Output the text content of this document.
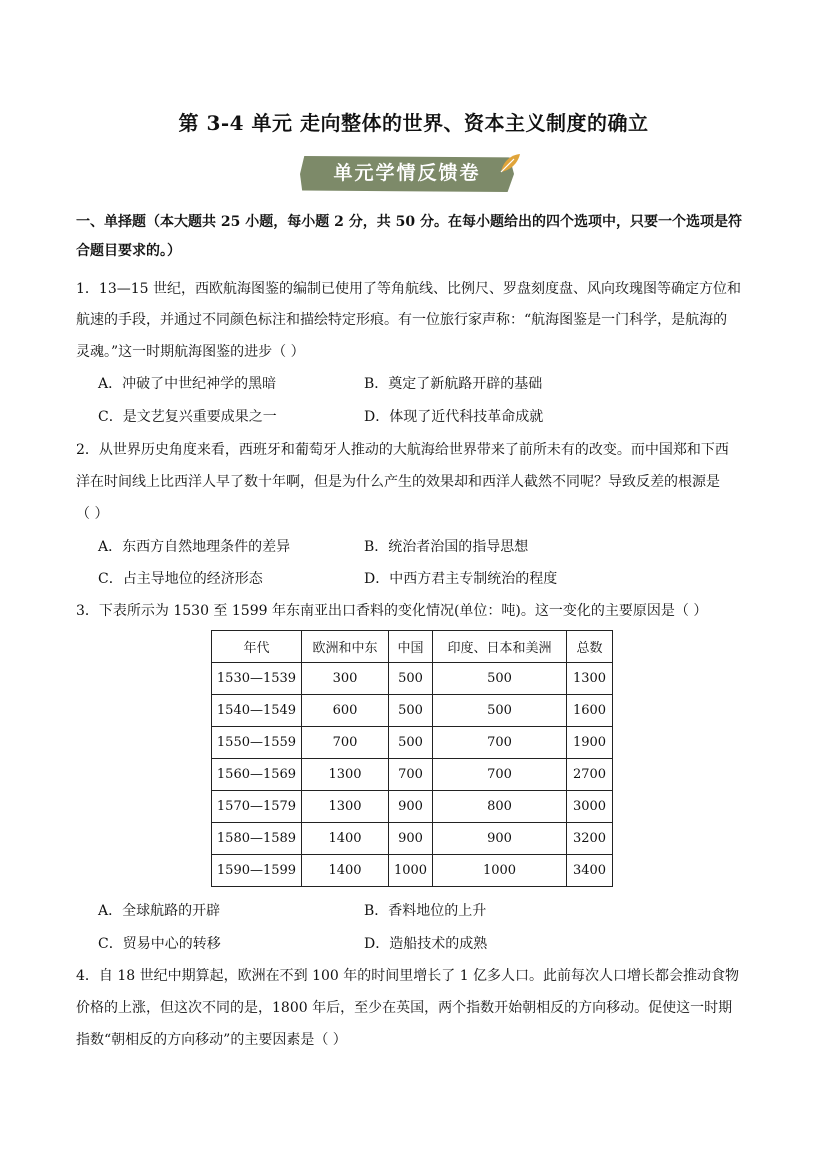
第 3-4 单元 走向整体的世界、资本主义制度的确立
单元学情反馈卷
一、单择题（本大题共 25 小题，每小题 2 分，共 50 分。在每小题给出的四个选项中，只要一个选项是符
合题目要求的。）
1．13—15 世纪，西欧航海图鉴的编制已使用了等角航线、比例尺、罗盘刻度盘、风向玫瑰图等确定方位和
航速的手段，并通过不同颜色标注和描绘特定形痕。有一位旅行家声称：“航海图鉴是一门科学，是航海的
灵魂。”这一时期航海图鉴的进步（ ）
A．冲破了中世纪神学的黑暗	B．奠定了新航路开辟的基础
C．是文艺复兴重要成果之一	D．体现了近代科技革命成就
2．从世界历史角度来看，西班牙和葡萄牙人推动的大航海给世界带来了前所未有的改变。而中国郑和下西
洋在时间线上比西洋人早了数十年啊，但是为什么产生的效果却和西洋人截然不同呢？导致反差的根源是
（ ）
A．东西方自然地理条件的差异	B．统治者治国的指导思想
C．占主导地位的经济形态	D．中西方君主专制统治的程度
3．下表所示为 1530 至 1599 年东南亚出口香料的变化情况(单位：吨)。这一变化的主要原因是（ ）
年代	欧洲和中东	中国	印度、日本和美洲	总数
1530—1539	300	500	500	1300
1540—1549	600	500	500	1600
1550—1559	700	500	700	1900
1560—1569	1300	700	700	2700
1570—1579	1300	900	800	3000
1580—1589	1400	900	900	3200
1590—1599	1400	1000	1000	3400
A．全球航路的开辟	B．香料地位的上升
C．贸易中心的转移	D．造船技术的成熟
4．自 18 世纪中期算起，欧洲在不到 100 年的时间里增长了 1 亿多人口。此前每次人口增长都会推动食物
价格的上涨，但这次不同的是，1800 年后，至少在英国，两个指数开始朝相反的方向移动。促使这一时期
指数“朝相反的方向移动”的主要因素是（ ）
